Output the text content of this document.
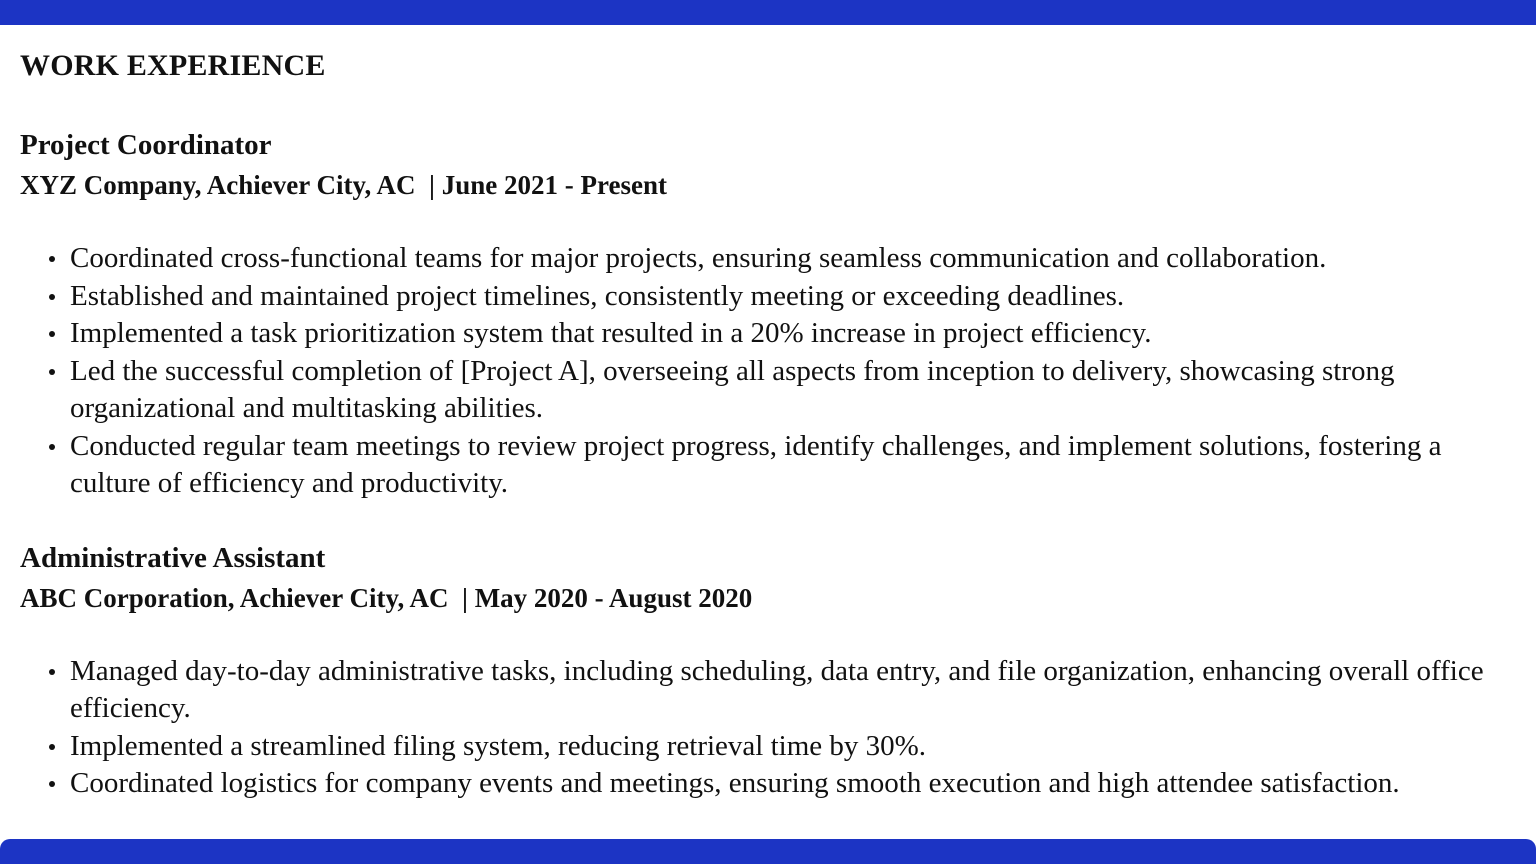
WORK EXPERIENCE
Project Coordinator

XYZ Company, Achiever City, AC  | June 2021 - Present

Coordinated cross-functional teams for major projects, ensuring seamless communication and collaboration.
Established and maintained project timelines, consistently meeting or exceeding deadlines.
Implemented a task prioritization system that resulted in a 20% increase in project efficiency.
Led the successful completion of [Project A], overseeing all aspects from inception to delivery, showcasing strong organizational and multitasking abilities.
Conducted regular team meetings to review project progress, identify challenges, and implement solutions, fostering a culture of efficiency and productivity.
Administrative Assistant

ABC Corporation, Achiever City, AC  | May 2020 - August 2020

Managed day-to-day administrative tasks, including scheduling, data entry, and file organization, enhancing overall office efficiency.
Implemented a streamlined filing system, reducing retrieval time by 30%.
Coordinated logistics for company events and meetings, ensuring smooth execution and high attendee satisfaction.
